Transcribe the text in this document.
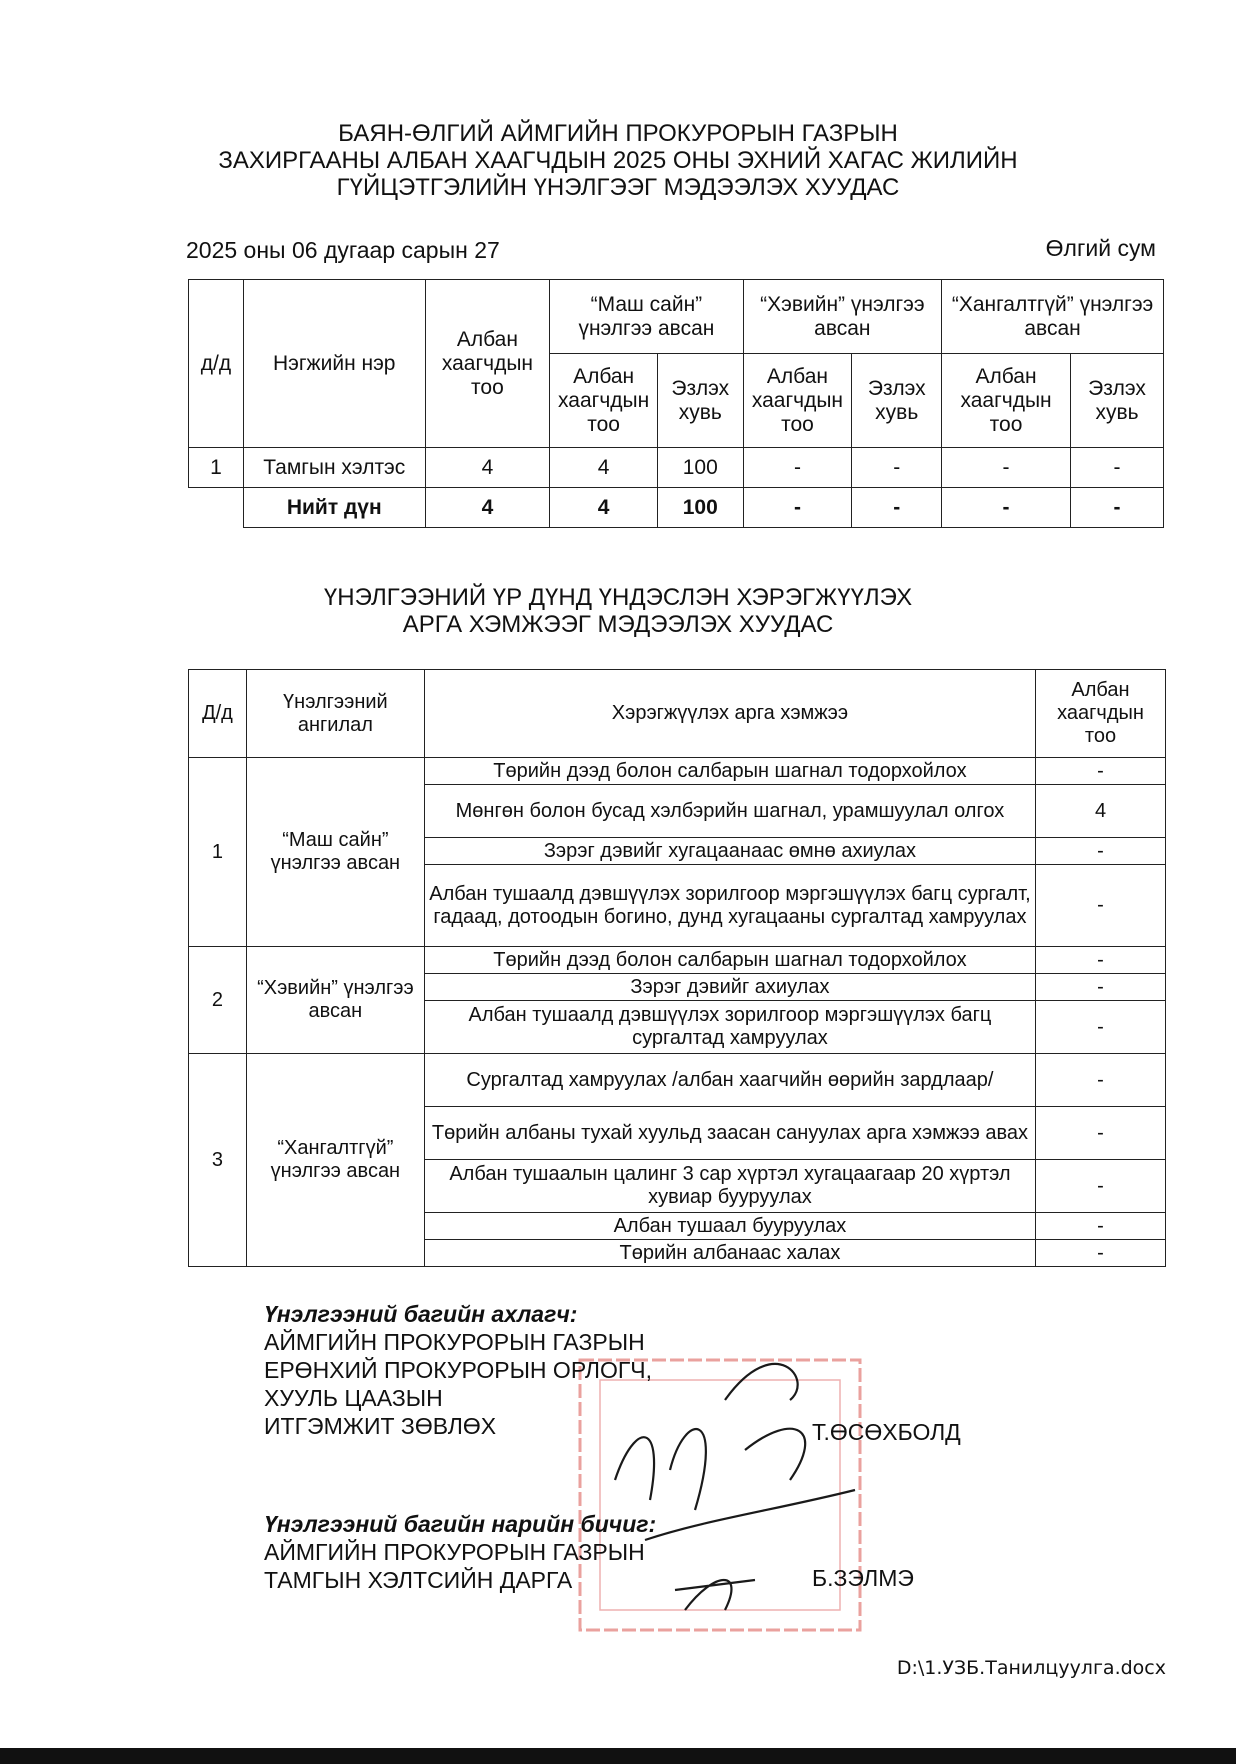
БАЯН-ӨЛГИЙ АЙМГИЙН ПРОКУРОРЫН ГАЗРЫН
ЗАХИРГААНЫ АЛБАН ХААГЧДЫН 2025 ОНЫ ЭХНИЙ ХАГАС ЖИЛИЙН
ГҮЙЦЭТГЭЛИЙН ҮНЭЛГЭЭГ МЭДЭЭЛЭХ ХУУДАС
2025 оны 06 дугаар сарын 27	Өлгий сум
д/д	Нэгжийн нэр	Албан хаагчдын тоо	“Маш сайн” үнэлгээ авсан		“Хэвийн” үнэлгээ авсан		“Хангалтгүй” үнэлгээ авсан	
			Албан хаагчдын тоо	Эзлэх хувь	Албан хаагчдын тоо	Эзлэх хувь	Албан хаагчдын тоо	Эзлэх хувь
1	Тамгын хэлтэс	4	4	100	-	-	-	-
	Нийт дүн	4	4	100	-	-	-	-
ҮНЭЛГЭЭНИЙ ҮР ДҮНД ҮНДЭСЛЭН ХЭРЭГЖҮҮЛЭХ
АРГА ХЭМЖЭЭГ МЭДЭЭЛЭХ ХУУДАС
Д/д	Үнэлгээний ангилал	Хэрэгжүүлэх арга хэмжээ	Албан хаагчдын тоо
1	“Маш сайн” үнэлгээ авсан	Төрийн дээд болон салбарын шагнал тодорхойлох	-
		Мөнгөн болон бусад хэлбэрийн шагнал, урамшуулал олгох	4
		Зэрэг дэвийг хугацаанаас өмнө ахиулах	-
		Албан тушаалд дэвшүүлэх зорилгоор мэргэшүүлэх багц сургалт, гадаад, дотоодын богино, дунд хугацааны сургалтад хамруулах	-
2	“Хэвийн” үнэлгээ авсан	Төрийн дээд болон салбарын шагнал тодорхойлох	-
		Зэрэг дэвийг ахиулах	-
		Албан тушаалд дэвшүүлэх зорилгоор мэргэшүүлэх багц сургалтад хамруулах	-
3	“Хангалтгүй” үнэлгээ авсан	Сургалтад хамруулах /албан хаагчийн өөрийн зардлаар/	-
		Төрийн албаны тухай хуульд заасан сануулах арга хэмжээ авах	-
		Албан тушаалын цалинг 3 сар хүртэл хугацаагаар 20 хүртэл хувиар бууруулах	-
		Албан тушаал бууруулах	-
		Төрийн албанаас халах	-
Үнэлгээний багийн ахлагч:
АЙМГИЙН ПРОКУРОРЫН ГАЗРЫН
ЕРӨНХИЙ ПРОКУРОРЫН ОРЛОГЧ,
ХУУЛЬ ЦААЗЫН
ИТГЭМЖИТ ЗӨВЛӨХ	Т.ӨСӨХБОЛД
Үнэлгээний багийн нарийн бичиг:
АЙМГИЙН ПРОКУРОРЫН ГАЗРЫН
ТАМГЫН ХЭЛТСИЙН ДАРГА	Б.ЗЭЛМЭ
D:\1.УЗБ.Танилцуулга.docx
